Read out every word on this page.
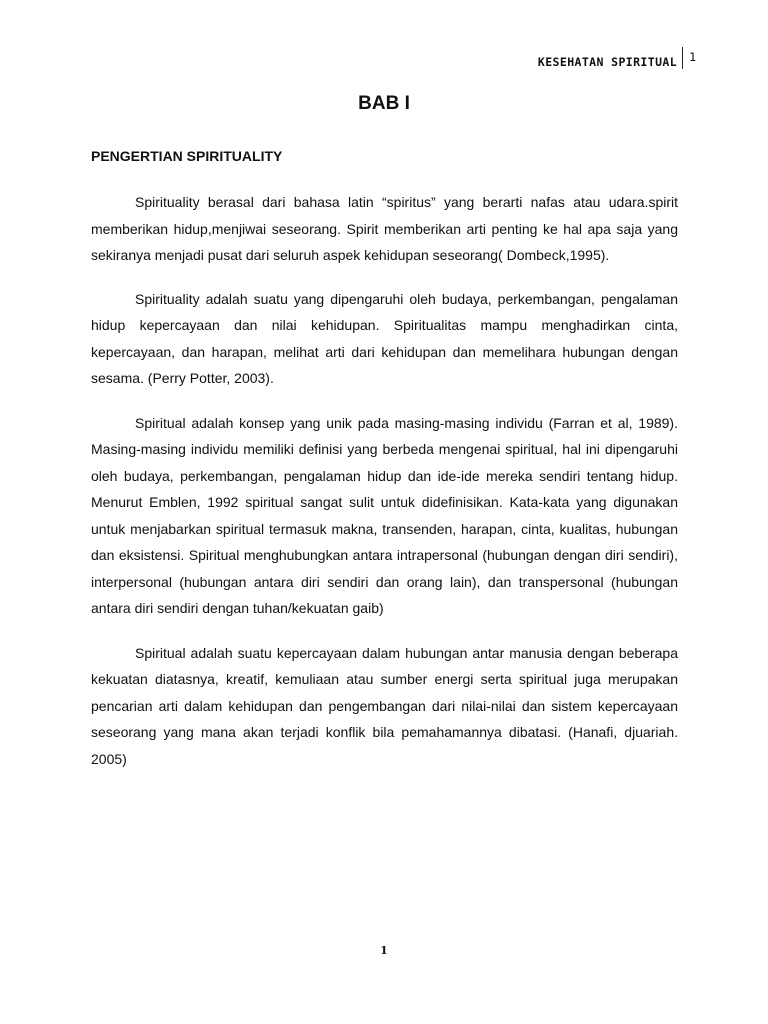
KESEHATAN SPIRITUAL	1
BAB I
PENGERTIAN SPIRITUALITY

Spirituality berasal dari bahasa latin “spiritus” yang berarti nafas atau udara.spirit memberikan hidup,menjiwai seseorang. Spirit memberikan arti penting ke hal apa saja yang sekiranya menjadi pusat dari seluruh aspek kehidupan seseorang( Dombeck,1995).

Spirituality adalah suatu yang dipengaruhi oleh budaya, perkembangan, pengalaman hidup kepercayaan dan nilai kehidupan. Spiritualitas mampu menghadirkan cinta, kepercayaan, dan harapan, melihat arti dari kehidupan dan memelihara hubungan dengan sesama. (Perry Potter, 2003).

Spiritual adalah konsep yang unik pada masing-masing individu (Farran et al, 1989). Masing-masing individu memiliki definisi yang berbeda mengenai spiritual, hal ini dipengaruhi oleh budaya, perkembangan, pengalaman hidup dan ide-ide mereka sendiri tentang hidup. Menurut Emblen, 1992 spiritual sangat sulit untuk didefinisikan. Kata-kata yang digunakan untuk menjabarkan spiritual termasuk makna, transenden, harapan, cinta, kualitas, hubungan dan eksistensi. Spiritual menghubungkan antara intrapersonal (hubungan dengan diri sendiri), interpersonal (hubungan antara diri sendiri dan orang lain), dan transpersonal (hubungan antara diri sendiri dengan tuhan/kekuatan gaib)

Spiritual adalah suatu kepercayaan dalam hubungan antar manusia dengan beberapa kekuatan diatasnya, kreatif, kemuliaan atau sumber energi serta spiritual juga merupakan pencarian arti dalam kehidupan dan pengembangan dari nilai-nilai dan sistem kepercayaan seseorang yang mana akan terjadi konflik bila pemahamannya dibatasi. (Hanafi, djuariah. 2005)

1
